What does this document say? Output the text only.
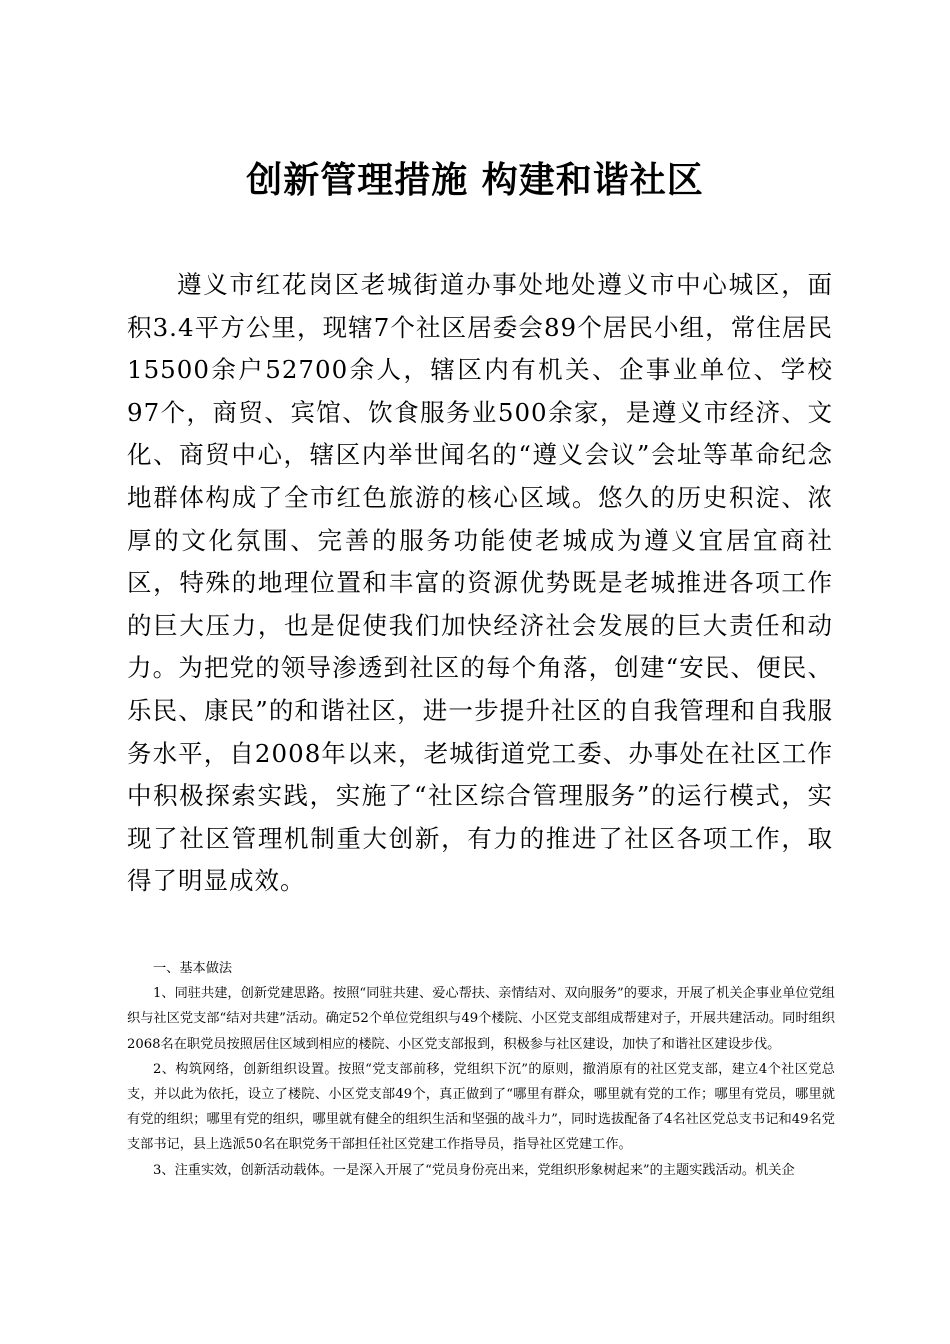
创新管理措施 构建和谐社区

遵义市红花岗区老城街道办事处地处遵义市中心城区，面积3.4平方公里，现辖7个社区居委会89个居民小组，常住居民15500余户52700余人，辖区内有机关、企事业单位、学校97个，商贸、宾馆、饮食服务业500余家，是遵义市经济、文化、商贸中心，辖区内举世闻名的“遵义会议”会址等革命纪念地群体构成了全市红色旅游的核心区域。悠久的历史积淀、浓厚的文化氛围、完善的服务功能使老城成为遵义宜居宜商社区，特殊的地理位置和丰富的资源优势既是老城推进各项工作的巨大压力，也是促使我们加快经济社会发展的巨大责任和动力。为把党的领导渗透到社区的每个角落，创建“安民、便民、乐民、康民”的和谐社区，进一步提升社区的自我管理和自我服务水平，自2008年以来，老城街道党工委、办事处在社区工作中积极探索实践，实施了“社区综合管理服务”的运行模式，实现了社区管理机制重大创新，有力的推进了社区各项工作，取得了明显成效。

一、基本做法

1、同驻共建，创新党建思路。按照“同驻共建、爱心帮扶、亲情结对、双向服务”的要求，开展了机关企事业单位党组织与社区党支部“结对共建”活动。确定52个单位党组织与49个楼院、小区党支部组成帮建对子，开展共建活动。同时组织2068名在职党员按照居住区域到相应的楼院、小区党支部报到，积极参与社区建设，加快了和谐社区建设步伐。

2、构筑网络，创新组织设置。按照“党支部前移，党组织下沉”的原则，撤消原有的社区党支部，建立4个社区党总支，并以此为依托，设立了楼院、小区党支部49个，真正做到了“哪里有群众，哪里就有党的工作；哪里有党员，哪里就有党的组织；哪里有党的组织，哪里就有健全的组织生活和坚强的战斗力”，同时选拔配备了4名社区党总支书记和49名党支部书记，县上选派50名在职党务干部担任社区党建工作指导员，指导社区党建工作。

3、注重实效，创新活动载体。一是深入开展了“党员身份亮出来，党组织形象树起来”的主题实践活动。机关企
